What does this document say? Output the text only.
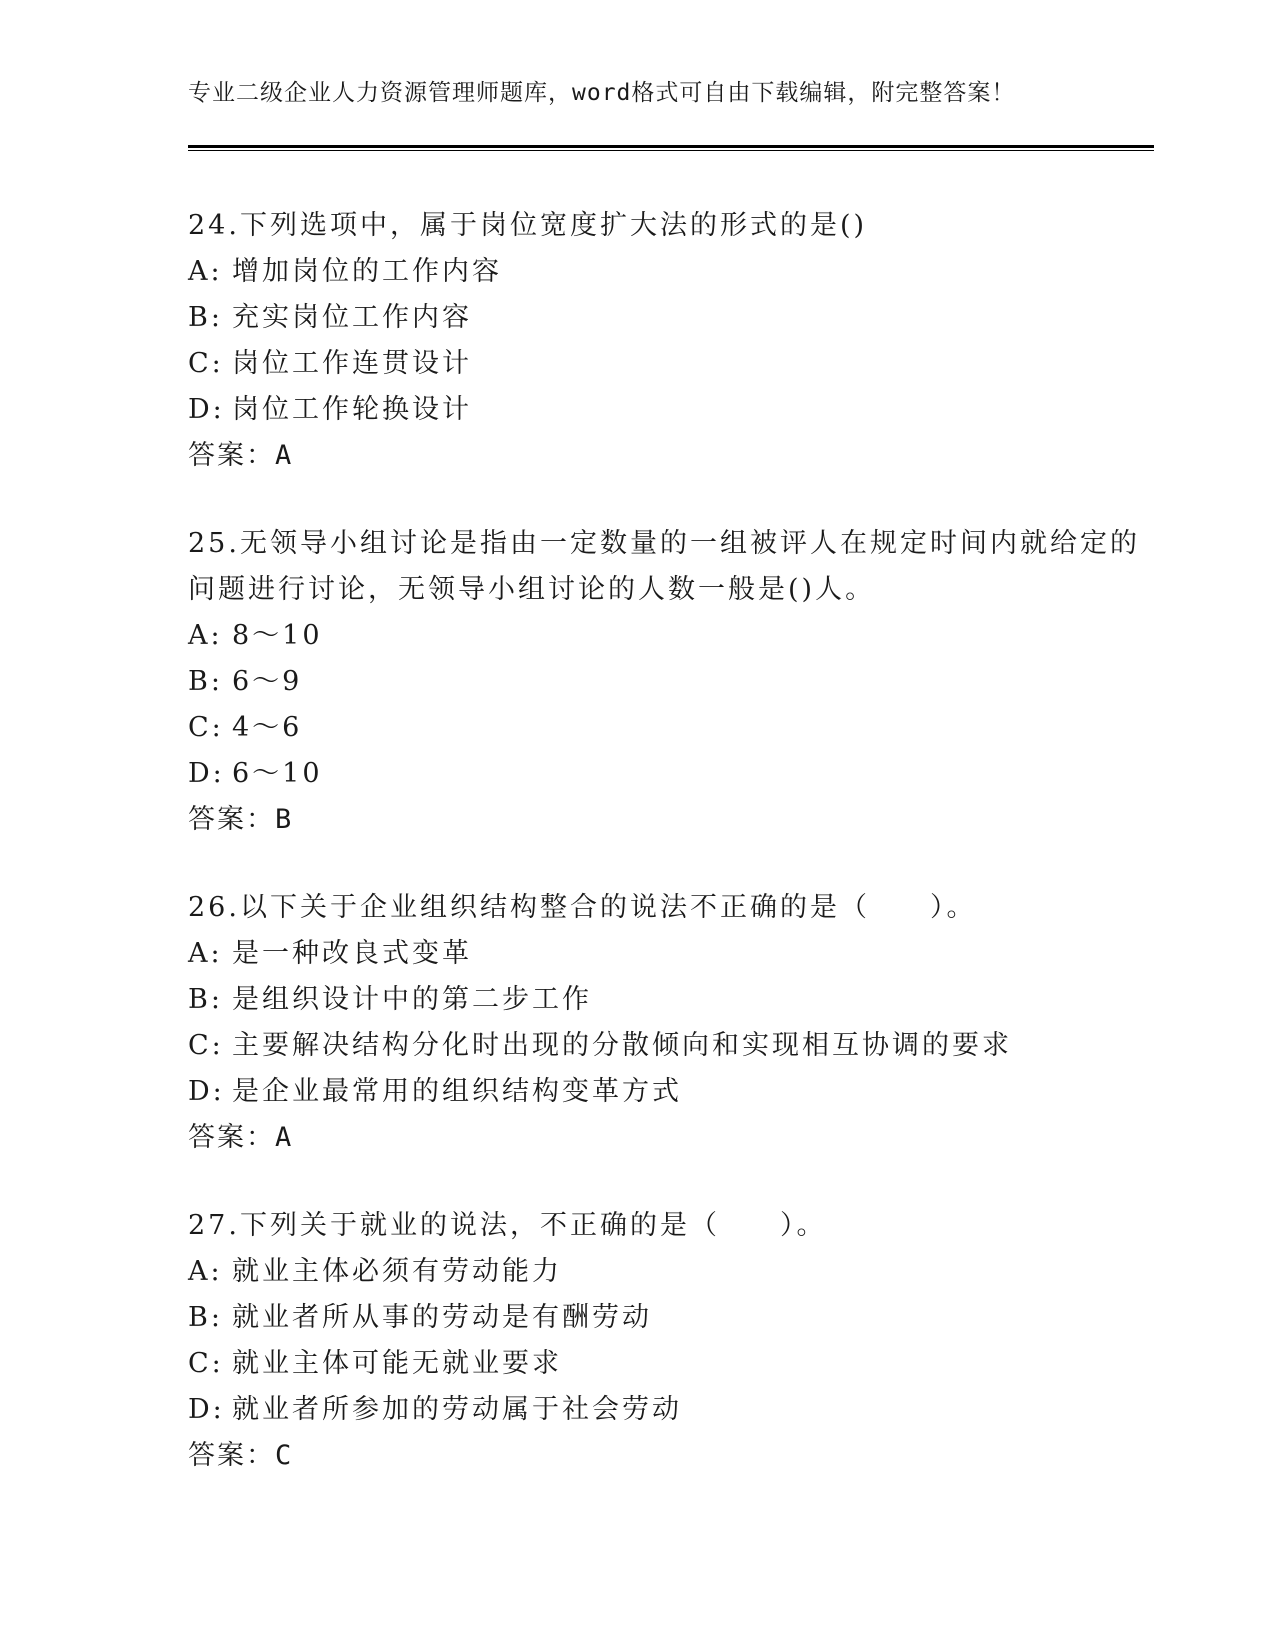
专业二级企业人力资源管理师题库，word格式可自由下载编辑，附完整答案！

24.下列选项中，属于岗位宽度扩大法的形式的是()

A: 增加岗位的工作内容

B: 充实岗位工作内容

C: 岗位工作连贯设计

D: 岗位工作轮换设计

答案：A

25.无领导小组讨论是指由一定数量的一组被评人在规定时间内就给定的问题进行讨论，无领导小组讨论的人数一般是()人。

A: 8～10

B: 6～9

C: 4～6

D: 6～10

答案：B

26.以下关于企业组织结构整合的说法不正确的是（　　）。

A: 是一种改良式变革

B: 是组织设计中的第二步工作

C: 主要解决结构分化时出现的分散倾向和实现相互协调的要求

D: 是企业最常用的组织结构变革方式

答案：A

27.下列关于就业的说法，不正确的是（　　）。

A: 就业主体必须有劳动能力

B: 就业者所从事的劳动是有酬劳动

C: 就业主体可能无就业要求

D: 就业者所参加的劳动属于社会劳动

答案：C
